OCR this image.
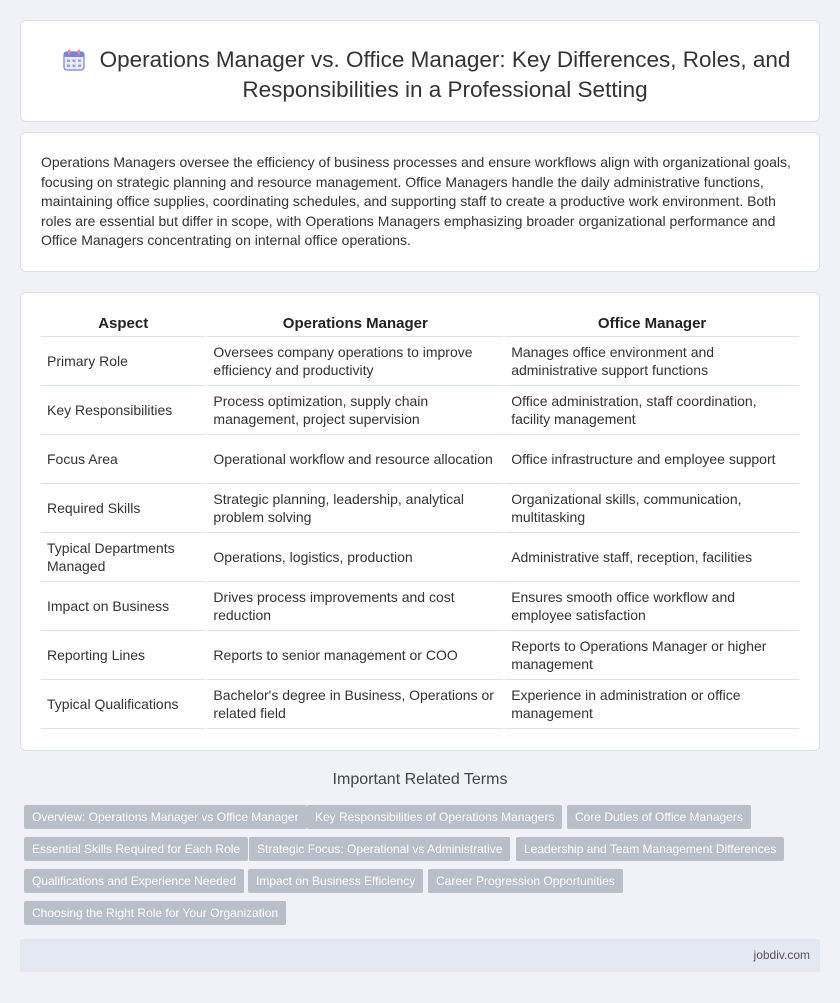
Operations Manager vs. Office Manager: Key Differences, Roles, and Responsibilities in a Professional Setting

Operations Managers oversee the efficiency of business processes and ensure workflows align with organizational goals, focusing on strategic planning and resource management. Office Managers handle the daily administrative functions, maintaining office supplies, coordinating schedules, and supporting staff to create a productive work environment. Both roles are essential but differ in scope, with Operations Managers emphasizing broader organizational performance and Office Managers concentrating on internal office operations.

Aspect		Operations Manager		Office Manager
Primary Role		Oversees company operations to improve efficiency and productivity		Manages office environment and administrative support functions
Key Responsibilities		Process optimization, supply chain management, project supervision		Office administration, staff coordination, facility management
Focus Area		Operational workflow and resource allocation		Office infrastructure and employee support
Required Skills		Strategic planning, leadership, analytical problem solving		Organizational skills, communication, multitasking
Typical Departments Managed		Operations, logistics, production		Administrative staff, reception, facilities
Impact on Business		Drives process improvements and cost reduction		Ensures smooth office workflow and employee satisfaction
Reporting Lines		Reports to senior management or COO		Reports to Operations Manager or higher management
Typical Qualifications		Bachelor's degree in Business, Operations or related field		Experience in administration or office management
Important Related Terms
Overview: Operations Manager vs Office Manager	Key Responsibilities of Operations Managers	Core Duties of Office Managers
Essential Skills Required for Each Role	Strategic Focus: Operational vs Administrative	Leadership and Team Management Differences
Qualifications and Experience Needed	Impact on Business Efficiency	Career Progression Opportunities
Choosing the Right Role for Your Organization
jobdiv.com
